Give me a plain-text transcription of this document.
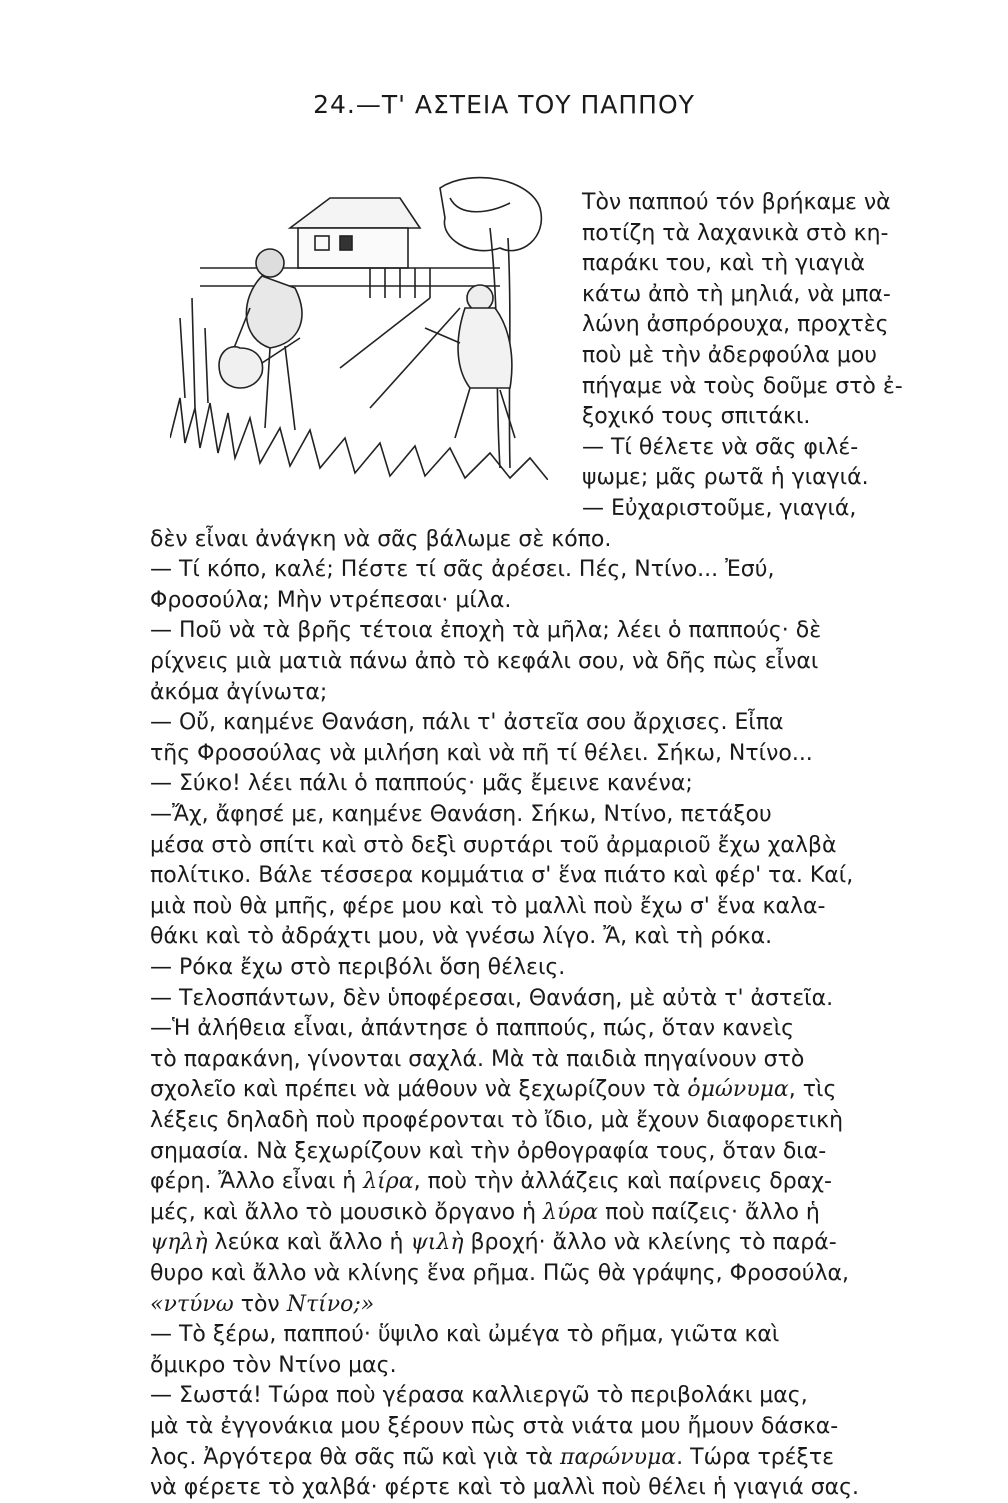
24.—Τ' ΑΣΤΕΙΑ ΤΟΥ ΠΑΠΠΟΥ
Τὸν παππού τόν βρήκαμε νὰ
ποτίζη τὰ λαχανικὰ στὸ κη-
παράκι του, καὶ τὴ γιαγιὰ
κάτω ἀπὸ τὴ μηλιά, νὰ μπα-
λώνη ἀσπρόρουχα, προχτὲς
ποὺ μὲ τὴν ἀδερφούλα μου
πήγαμε νὰ τοὺς δοῦμε στὸ ἐ-
ξοχικό τους σπιτάκι.
— Τί θέλετε νὰ σᾶς φιλέ-
ψωμε; μᾶς ρωτᾶ ἡ γιαγιά.
— Εὐχαριστοῦμε, γιαγιά,
δὲν εἶναι ἀνάγκη νὰ σᾶς βάλωμε σὲ κόπο.
— Τί κόπο, καλέ; Πέστε τί σᾶς ἀρέσει. Πές, Ντίνο... Ἐσύ,
Φροσούλα; Μὴν ντρέπεσαι· μίλα.
— Ποῦ νὰ τὰ βρῆς τέτοια ἐποχὴ τὰ μῆλα; λέει ὁ παππούς· δὲ
ρίχνεις μιὰ ματιὰ πάνω ἀπὸ τὸ κεφάλι σου, νὰ δῆς πὼς εἶναι
ἀκόμα ἀγίνωτα;
— Οὔ, καημένε Θανάση, πάλι τ' ἀστεῖα σου ἄρχισες. Εἶπα
τῆς Φροσούλας νὰ μιλήση καὶ νὰ πῆ τί θέλει. Σήκω, Ντίνο...
— Σύκο! λέει πάλι ὁ παππούς· μᾶς ἔμεινε κανένα;
—Ἄχ, ἄφησέ με, καημένε Θανάση. Σήκω, Ντίνο, πετάξου
μέσα στὸ σπίτι καὶ στὸ δεξὶ συρτάρι τοῦ ἀρμαριοῦ ἔχω χαλβὰ
πολίτικο. Βάλε τέσσερα κομμάτια σ' ἕνα πιάτο καὶ φέρ' τα. Καί,
μιὰ ποὺ θὰ μπῆς, φέρε μου καὶ τὸ μαλλὶ ποὺ ἔχω σ' ἕνα καλα-
θάκι καὶ τὸ ἀδράχτι μου, νὰ γνέσω λίγο. Ἄ, καὶ τὴ ρόκα.
— Ρόκα ἔχω στὸ περιβόλι ὅση θέλεις.
— Τελοσπάντων, δὲν ὑποφέρεσαι, Θανάση, μὲ αὐτὰ τ' ἀστεῖα.
—Ἡ ἀλήθεια εἶναι, ἀπάντησε ὁ παππούς, πώς, ὅταν κανεὶς
τὸ παρακάνη, γίνονται σαχλά. Μὰ τὰ παιδιὰ πηγαίνουν στὸ
σχολεῖο καὶ πρέπει νὰ μάθουν νὰ ξεχωρίζουν τὰ ὁμώνυμα, τὶς
λέξεις δηλαδὴ ποὺ προφέρονται τὸ ἴδιο, μὰ ἔχουν διαφορετικὴ
σημασία. Νὰ ξεχωρίζουν καὶ τὴν ὀρθογραφία τους, ὅταν δια-
φέρη. Ἄλλο εἶναι ἡ λίρα, ποὺ τὴν ἀλλάζεις καὶ παίρνεις δραχ-
μές, καὶ ἄλλο τὸ μουσικὸ ὄργανο ἡ λύρα ποὺ παίζεις· ἄλλο ἡ
ψηλὴ λεύκα καὶ ἄλλο ἡ ψιλὴ βροχή· ἄλλο νὰ κλείνης τὸ παρά-
θυρο καὶ ἄλλο νὰ κλίνης ἕνα ρῆμα. Πῶς θὰ γράψης, Φροσούλα,
«ντύνω τὸν Ντίνο;»
— Τὸ ξέρω, παππού· ὕψιλο καὶ ὠμέγα τὸ ρῆμα, γιῶτα καὶ
ὄμικρο τὸν Ντίνο μας.
— Σωστά! Τώρα ποὺ γέρασα καλλιεργῶ τὸ περιβολάκι μας,
μὰ τὰ ἐγγονάκια μου ξέρουν πὼς στὰ νιάτα μου ἤμουν δάσκα-
λος. Ἀργότερα θὰ σᾶς πῶ καὶ γιὰ τὰ παρώνυμα. Τώρα τρέξτε
νὰ φέρετε τὸ χαλβά· φέρτε καὶ τὸ μαλλὶ ποὺ θέλει ἡ γιαγιά σας.
